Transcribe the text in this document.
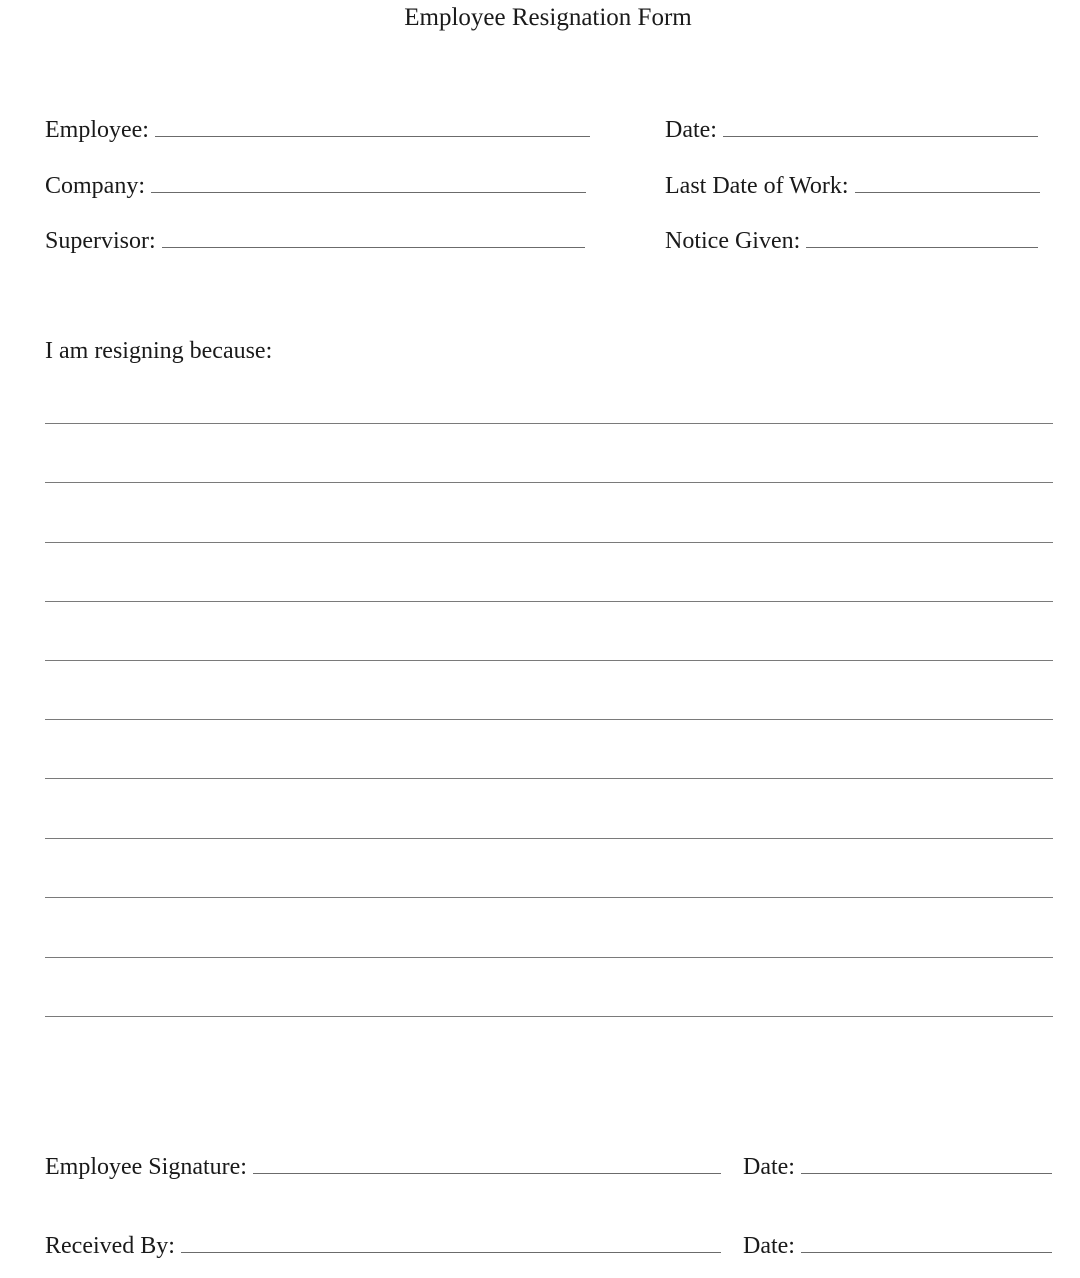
Employee Resignation Form
Employee:
Company:
Supervisor:
Date:
Last Date of Work:
Notice Given:
I am resigning because:
Employee Signature:	Date:
Received By:	Date:
